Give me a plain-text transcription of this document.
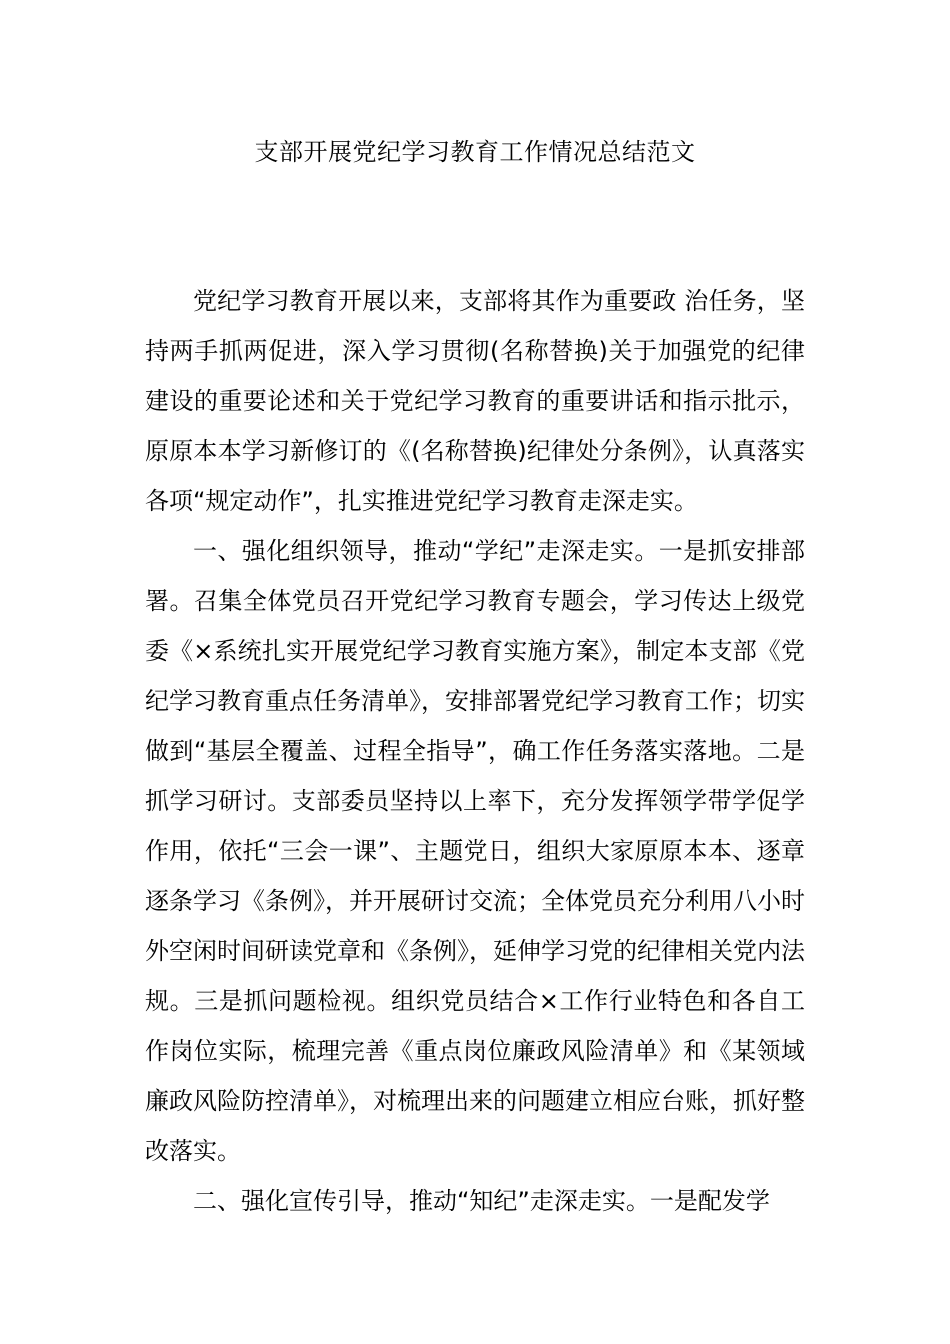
支部开展党纪学习教育工作情况总结范文

党纪学习教育开展以来，支部将其作为重要政 治任务，坚持两手抓两促进，深入学习贯彻(名称替换)关于加强党的纪律建设的重要论述和关于党纪学习教育的重要讲话和指示批示，原原本本学习新修订的《(名称替换)纪律处分条例》，认真落实各项“规定动作”，扎实推进党纪学习教育走深走实。

一、强化组织领导，推动“学纪”走深走实。一是抓安排部署。召集全体党员召开党纪学习教育专题会，学习传达上级党委《×系统扎实开展党纪学习教育实施方案》，制定本支部《党纪学习教育重点任务清单》，安排部署党纪学习教育工作；切实做到“基层全覆盖、过程全指导”，确工作任务落实落地。二是抓学习研讨。支部委员坚持以上率下，充分发挥领学带学促学作用，依托“三会一课”、主题党日，组织大家原原本本、逐章逐条学习《条例》，并开展研讨交流；全体党员充分利用八小时外空闲时间研读党章和《条例》，延伸学习党的纪律相关党内法规。三是抓问题检视。组织党员结合×工作行业特色和各自工作岗位实际，梳理完善《重点岗位廉政风险清单》和《某领域廉政风险防控清单》，对梳理出来的问题建立相应台账，抓好整改落实。

二、强化宣传引导，推动“知纪”走深走实。一是配发学
